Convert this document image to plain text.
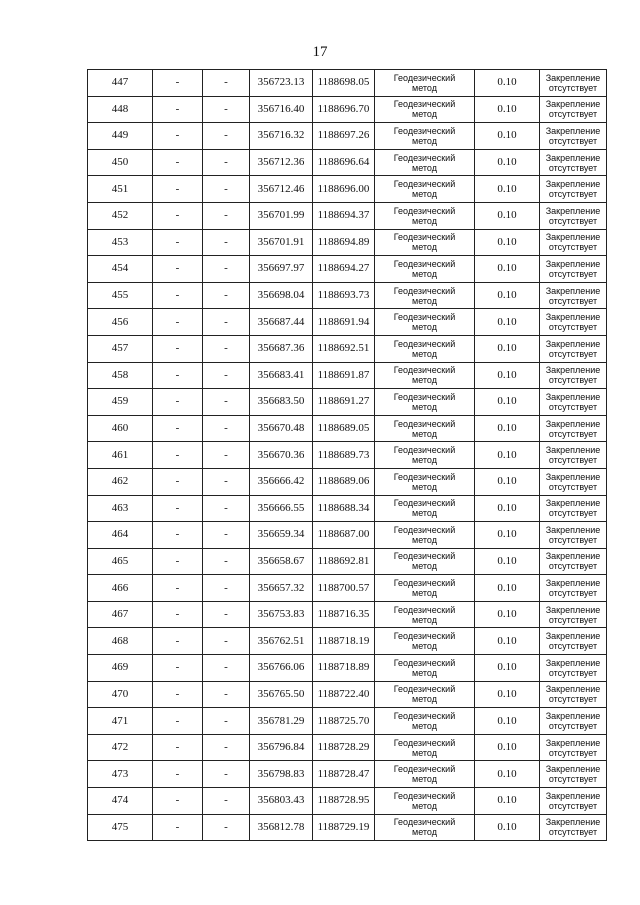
17
447	-	-	356723.13	1188698.05	Геодезический
метод	0.10	Закрепление
отсутствует

448	-	-	356716.40	1188696.70	Геодезический
метод	0.10	Закрепление
отсутствует

449	-	-	356716.32	1188697.26	Геодезический
метод	0.10	Закрепление
отсутствует

450	-	-	356712.36	1188696.64	Геодезический
метод	0.10	Закрепление
отсутствует

451	-	-	356712.46	1188696.00	Геодезический
метод	0.10	Закрепление
отсутствует

452	-	-	356701.99	1188694.37	Геодезический
метод	0.10	Закрепление
отсутствует

453	-	-	356701.91	1188694.89	Геодезический
метод	0.10	Закрепление
отсутствует

454	-	-	356697.97	1188694.27	Геодезический
метод	0.10	Закрепление
отсутствует

455	-	-	356698.04	1188693.73	Геодезический
метод	0.10	Закрепление
отсутствует

456	-	-	356687.44	1188691.94	Геодезический
метод	0.10	Закрепление
отсутствует

457	-	-	356687.36	1188692.51	Геодезический
метод	0.10	Закрепление
отсутствует

458	-	-	356683.41	1188691.87	Геодезический
метод	0.10	Закрепление
отсутствует

459	-	-	356683.50	1188691.27	Геодезический
метод	0.10	Закрепление
отсутствует

460	-	-	356670.48	1188689.05	Геодезический
метод	0.10	Закрепление
отсутствует

461	-	-	356670.36	1188689.73	Геодезический
метод	0.10	Закрепление
отсутствует

462	-	-	356666.42	1188689.06	Геодезический
метод	0.10	Закрепление
отсутствует

463	-	-	356666.55	1188688.34	Геодезический
метод	0.10	Закрепление
отсутствует

464	-	-	356659.34	1188687.00	Геодезический
метод	0.10	Закрепление
отсутствует

465	-	-	356658.67	1188692.81	Геодезический
метод	0.10	Закрепление
отсутствует

466	-	-	356657.32	1188700.57	Геодезический
метод	0.10	Закрепление
отсутствует

467	-	-	356753.83	1188716.35	Геодезический
метод	0.10	Закрепление
отсутствует

468	-	-	356762.51	1188718.19	Геодезический
метод	0.10	Закрепление
отсутствует

469	-	-	356766.06	1188718.89	Геодезический
метод	0.10	Закрепление
отсутствует

470	-	-	356765.50	1188722.40	Геодезический
метод	0.10	Закрепление
отсутствует

471	-	-	356781.29	1188725.70	Геодезический
метод	0.10	Закрепление
отсутствует

472	-	-	356796.84	1188728.29	Геодезический
метод	0.10	Закрепление
отсутствует

473	-	-	356798.83	1188728.47	Геодезический
метод	0.10	Закрепление
отсутствует

474	-	-	356803.43	1188728.95	Геодезический
метод	0.10	Закрепление
отсутствует

475	-	-	356812.78	1188729.19	Геодезический
метод	0.10	Закрепление
отсутствует
